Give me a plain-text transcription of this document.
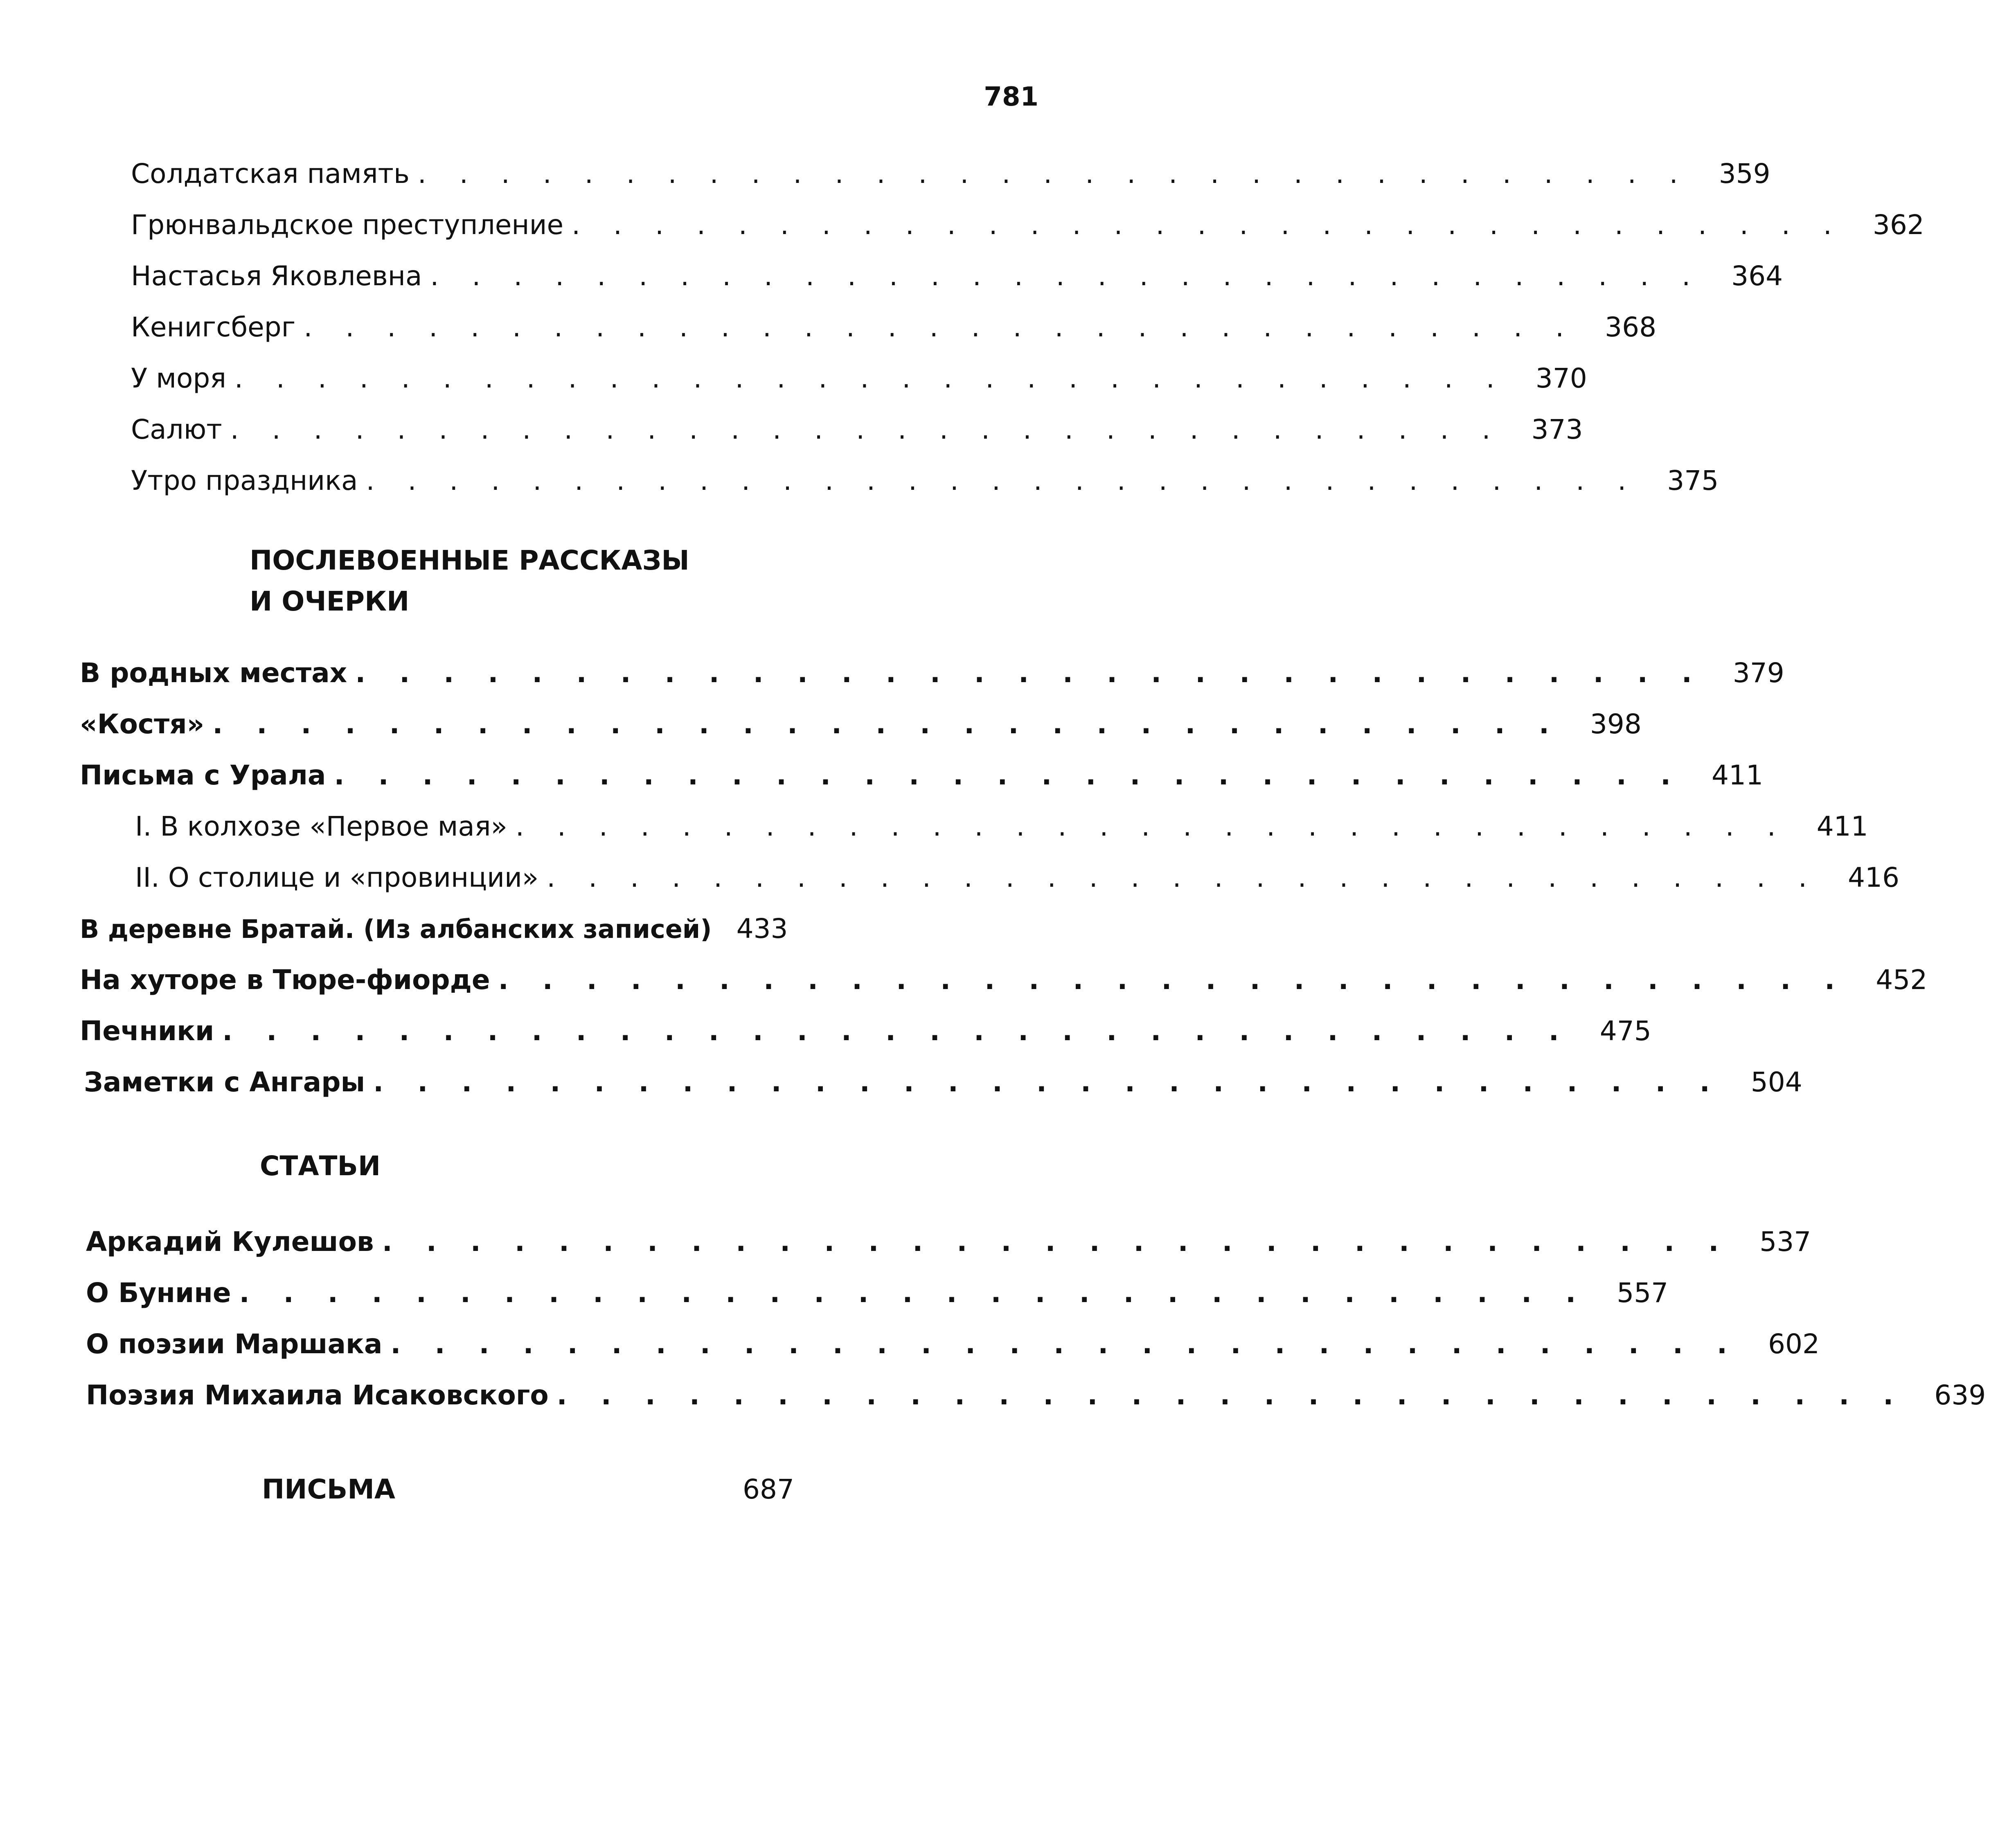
781
Солдатская память . . . . . . . . . . . . . . . . . . . . . . . . . . . . . . .	359
Грюнвальдское преступление . . . . . . . . . . . . . . . . . . . . . . . . . . . . . . .	362
Настасья Яковлевна . . . . . . . . . . . . . . . . . . . . . . . . . . . . . . .	364
Кенигсберг . . . . . . . . . . . . . . . . . . . . . . . . . . . . . . .	368
У моря . . . . . . . . . . . . . . . . . . . . . . . . . . . . . . .	370
Салют . . . . . . . . . . . . . . . . . . . . . . . . . . . . . . .	373
Утро праздника . . . . . . . . . . . . . . . . . . . . . . . . . . . . . . .	375
ПОСЛЕВОЕННЫЕ РАССКАЗЫ
И ОЧЕРКИ
В родных местах . . . . . . . . . . . . . . . . . . . . . . . . . . . . . . .	379
«Костя» . . . . . . . . . . . . . . . . . . . . . . . . . . . . . . .	398
Письма с Урала . . . . . . . . . . . . . . . . . . . . . . . . . . . . . . .	411
I. В колхозе «Первое мая» . . . . . . . . . . . . . . . . . . . . . . . . . . . . . . .	411
II. О столице и «провинции» . . . . . . . . . . . . . . . . . . . . . . . . . . . . . . .	416
В деревне Братай. (Из албанских записей) 433
На хуторе в Тюре-фиорде . . . . . . . . . . . . . . . . . . . . . . . . . . . . . . .	452
Печники . . . . . . . . . . . . . . . . . . . . . . . . . . . . . . .	475
Заметки с Ангары . . . . . . . . . . . . . . . . . . . . . . . . . . . . . . .	504
СТАТЬИ
Аркадий Кулешов . . . . . . . . . . . . . . . . . . . . . . . . . . . . . . .	537
О Бунине . . . . . . . . . . . . . . . . . . . . . . . . . . . . . . .	557
О поэзии Маршака . . . . . . . . . . . . . . . . . . . . . . . . . . . . . . .	602
Поэзия Михаила Исаковского . . . . . . . . . . . . . . . . . . . . . . . . . . . . . . .	639
ПИСЬМА	687
